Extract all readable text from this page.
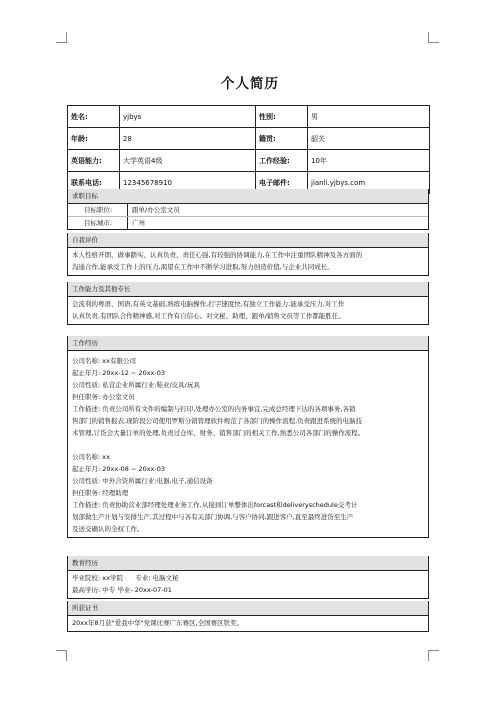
个人简历
姓名:	yjbys	性别:	男
年龄:	28	籍贯:	韶关
英语能力:	大学英语4级	工作经验:	10年
联系电话:	12345678910	电子邮件:	jianli.yjbys.com
求职目标
目标职位:	跟单/办公室文员
目标城市:	广州
自我评价
本人性格开朗、做事踏实、认真负责、责任心强,有较强的协调能力,在工作中注重团队精神及各方面的
沟通合作,能承受工作上的压力,渴望在工作中不断学习进取,努力创造价值,与企业共同成长。
工作能力及其他专长
会流利的粤语、国语,有英文基础,熟练电脑操作,打字速度快,有独立工作能力,能承受压力,对工作
认真负责,有团队合作精神感,对工作有自信心。对文秘、助理、跟单/销售文员等工作都能胜任。
工作经历
公司名称: xx有限公司
起止年月: 20xx-12 ~ 20xx-03
公司性质: 私营企业所属行业:鞋业/皮具/玩具
担任职务: 办公室文员
工作描述: 负责公司所有文件的编制与打印,处理办公室的内务事宜,完成总经理下达的各项事务,各销
售部门的销售报表,现阶段公司使用罗斯分销管理软件规范了各部门的操作流程,负责跟进系统的电脑技
术管理,订货会大量订单的处理,负责过仓库、财务、销售部门的相关工作,熟悉公司各部门的操作流程。
公司名称: xx
起止年月: 20xx-08 ~ 20xx-03
公司性质: 中外合资所属行业:电器,电子,通信设备
担任职务: 经理助理
工作描述: 负责协助营业部经理处理业务工作,从接到订单整体出forcast和deliveryschedule交考计
划部做生产计划与安排生产,其过程中与各有关部门协调,与客户协同,跟进客户,直至最终进货至生产
及送交确认的全权工作。
教育经历
毕业院校: xx学院      专业: 电脑文秘
最高学历: 中专 毕业- 20xx-07-01
所获证书
20xx年8月获"爱我中华"党课比赛广东赛区,全国赛区铁奖。
